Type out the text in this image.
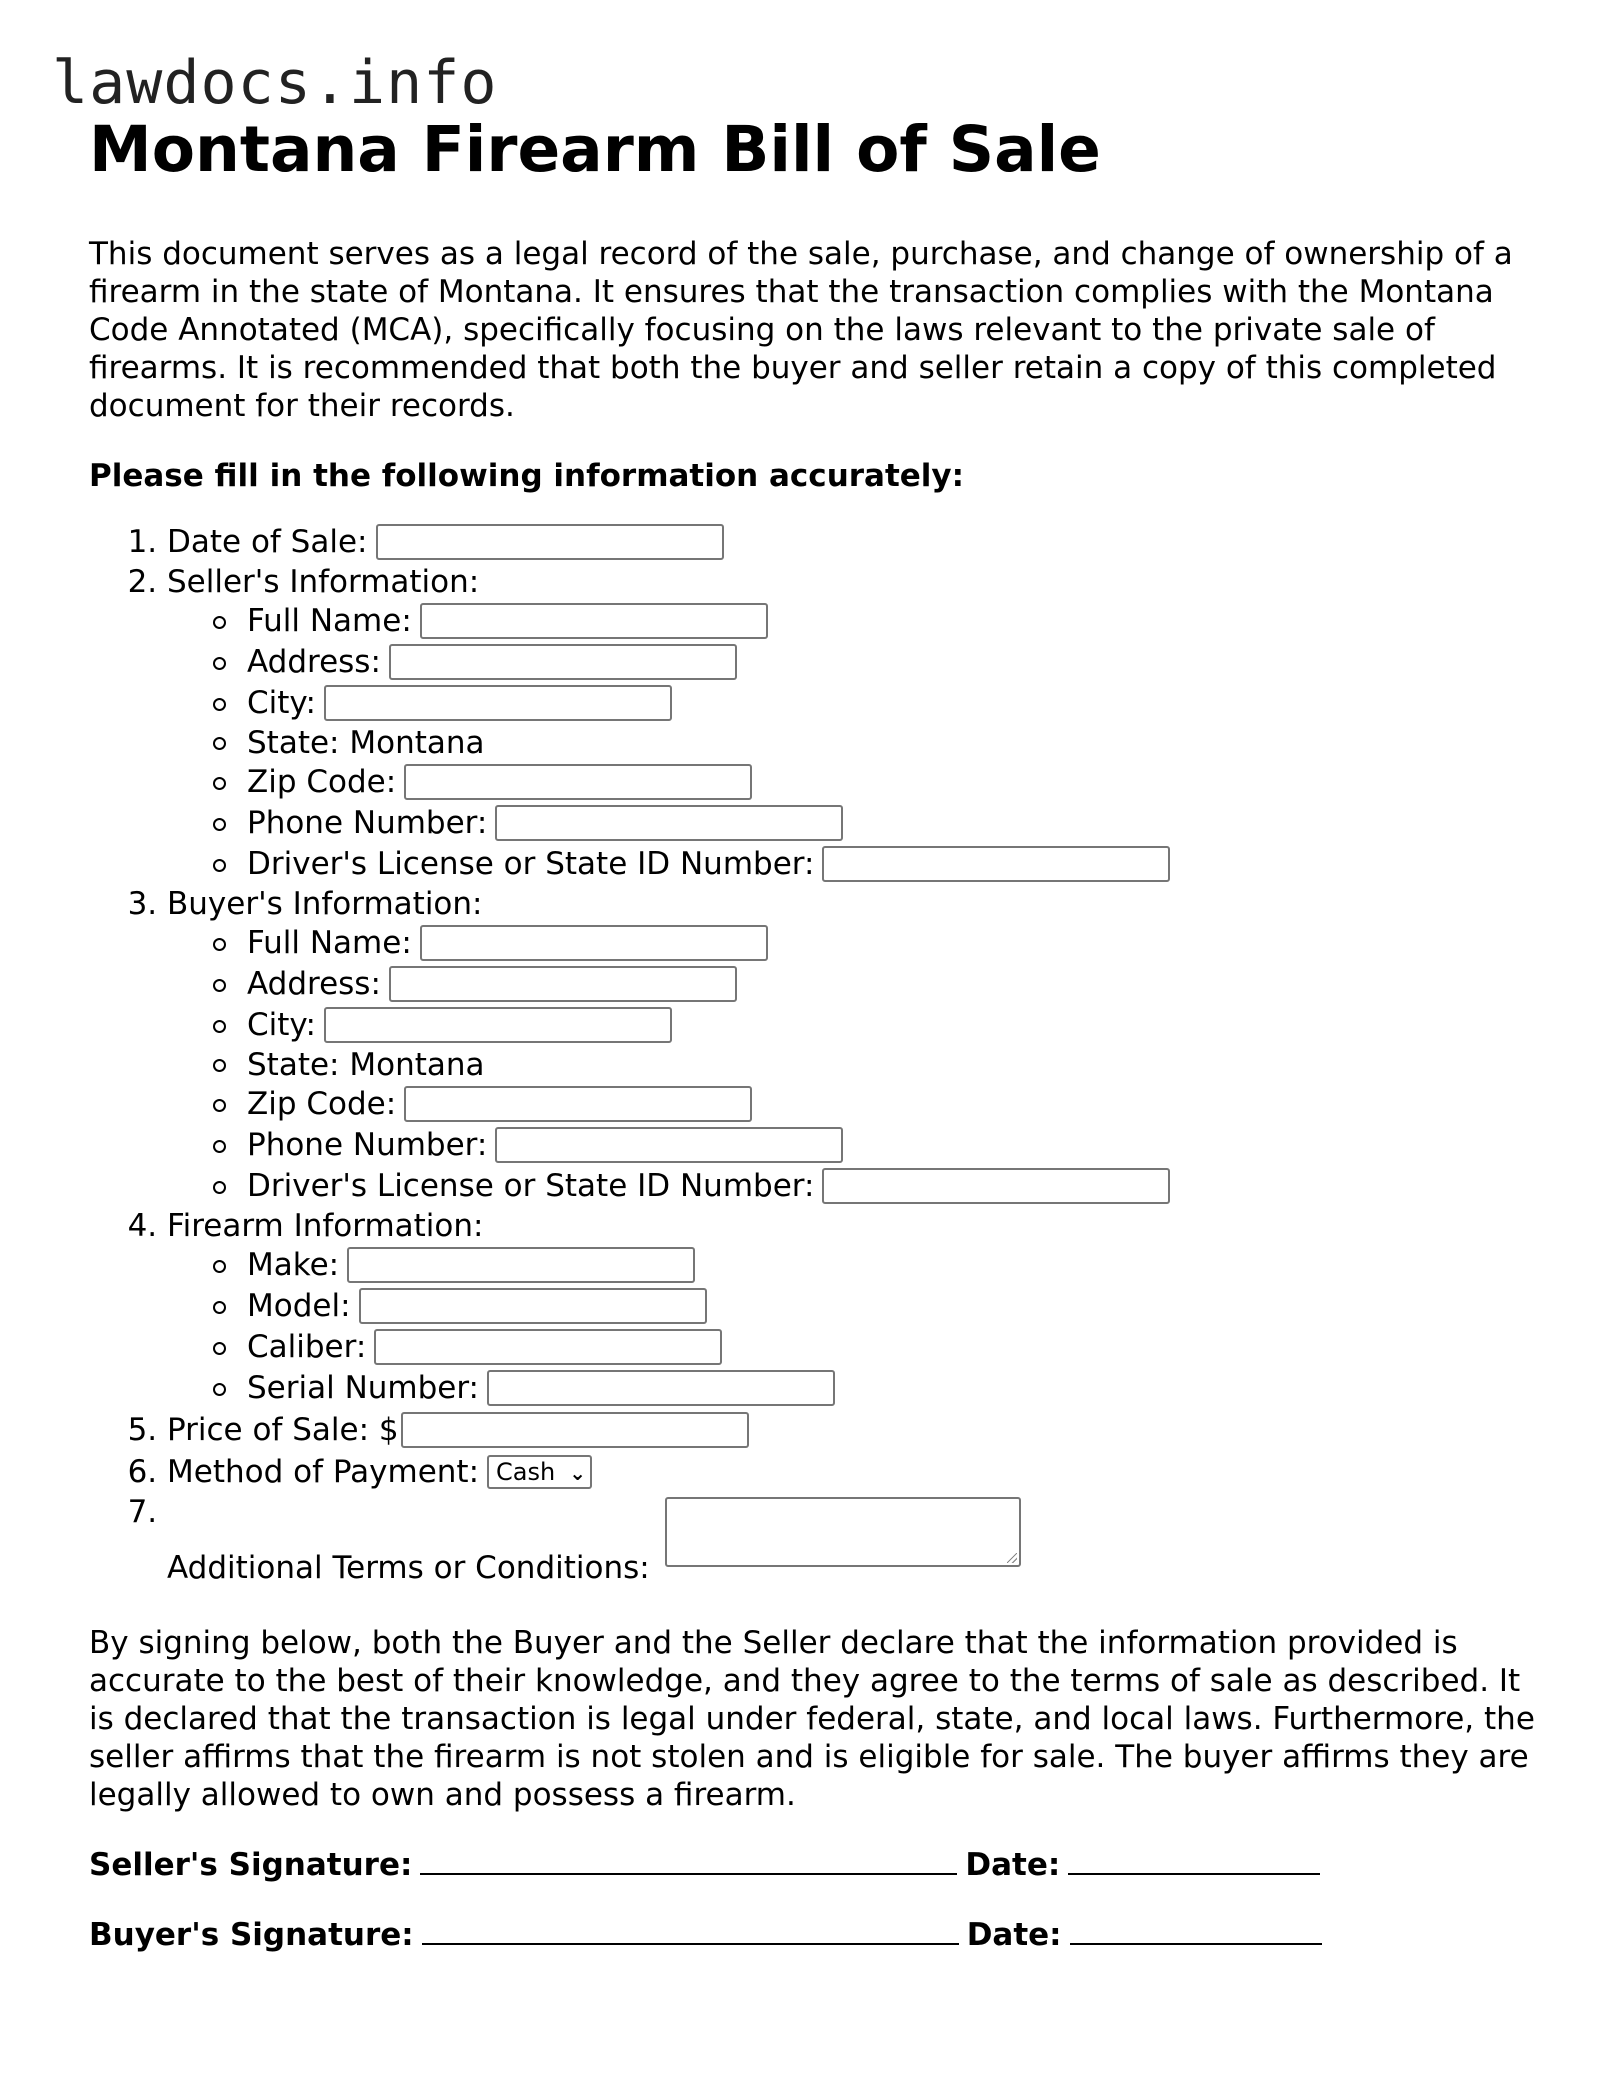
lawdocs.info
Montana Firearm Bill of Sale

This document serves as a legal record of the sale, purchase, and change of ownership of a firearm in the state of Montana. It ensures that the transaction complies with the Montana Code Annotated (MCA), specifically focusing on the laws relevant to the private sale of firearms. It is recommended that both the buyer and seller retain a copy of this completed document for their records.

Please fill in the following information accurately:

1. Date of Sale:
2. Seller's Information:
Full Name:
Address:
City:
State: Montana
Zip Code:
Phone Number:
Driver's License or State ID Number:
3. Buyer's Information:
Full Name:
Address:
City:
State: Montana
Zip Code:
Phone Number:
Driver's License or State ID Number:
4. Firearm Information:
Make:
Model:
Caliber:
Serial Number:
5. Price of Sale: $
6. Method of Payment: Cash ⌄
7. Additional Terms or Conditions:

By signing below, both the Buyer and the Seller declare that the information provided is accurate to the best of their knowledge, and they agree to the terms of sale as described. It is declared that the transaction is legal under federal, state, and local laws. Furthermore, the seller affirms that the firearm is not stolen and is eligible for sale. The buyer affirms they are legally allowed to own and possess a firearm.

Seller's Signature:	Date:
Buyer's Signature:	Date:
